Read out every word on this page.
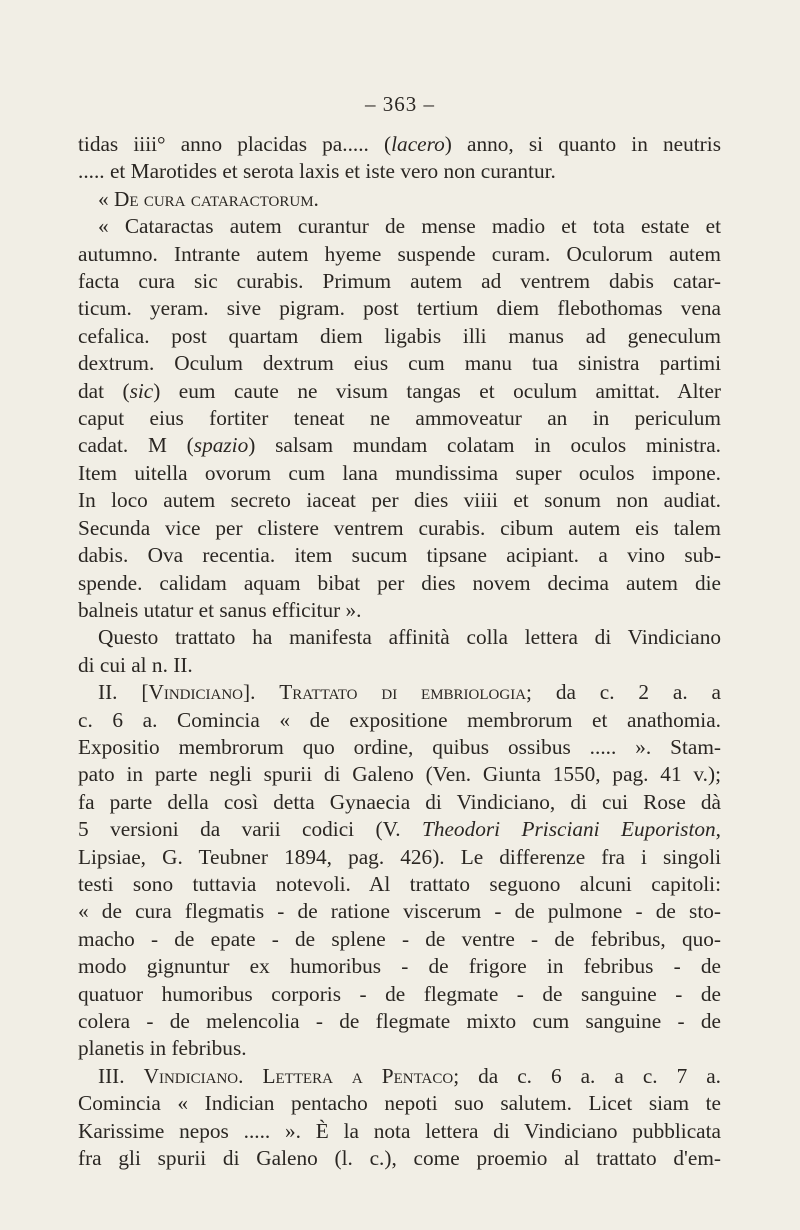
– 363 –
tidas iiii° anno placidas pa..... (lacero) anno, si quanto in neutris
..... et Marotides et serota laxis et iste vero non curantur.
« De cura cataractorum.
« Cataractas autem curantur de mense madio et tota estate et
autumno. Intrante autem hyeme suspende curam. Oculorum autem
facta cura sic curabis. Primum autem ad ventrem dabis catar-
ticum. yeram. sive pigram. post tertium diem flebothomas vena
cefalica. post quartam diem ligabis illi manus ad geneculum
dextrum. Oculum dextrum eius cum manu tua sinistra partimi
dat (sic) eum caute ne visum tangas et oculum amittat. Alter
caput eius fortiter teneat ne ammoveatur an in periculum
cadat. M (spazio) salsam mundam colatam in oculos ministra.
Item uitella ovorum cum lana mundissima super oculos impone.
In loco autem secreto iaceat per dies viiii et sonum non audiat.
Secunda vice per clistere ventrem curabis. cibum autem eis talem
dabis. Ova recentia. item sucum tipsane acipiant. a vino sub-
spende. calidam aquam bibat per dies novem decima autem die
balneis utatur et sanus efficitur ».
Questo trattato ha manifesta affinità colla lettera di Vindiciano
di cui al n. II.
II. [Vindiciano]. Trattato di embriologia; da c. 2 a. a
c. 6 a. Comincia « de expositione membrorum et anathomia.
Expositio membrorum quo ordine, quibus ossibus ..... ». Stam-
pato in parte negli spurii di Galeno (Ven. Giunta 1550, pag. 41 v.);
fa parte della così detta Gynaecia di Vindiciano, di cui Rose dà
5 versioni da varii codici (V. Theodori Prisciani Euporiston,
Lipsiae, G. Teubner 1894, pag. 426). Le differenze fra i singoli
testi sono tuttavia notevoli. Al trattato seguono alcuni capitoli:
« de cura flegmatis - de ratione viscerum - de pulmone - de sto-
macho - de epate - de splene - de ventre - de febribus, quo-
modo gignuntur ex humoribus - de frigore in febribus - de
quatuor humoribus corporis - de flegmate - de sanguine - de
colera - de melencolia - de flegmate mixto cum sanguine - de
planetis in febribus.
III. Vindiciano. Lettera a Pentaco; da c. 6 a. a c. 7 a.
Comincia « Indician pentacho nepoti suo salutem. Licet siam te
Karissime nepos ..... ». È la nota lettera di Vindiciano pubblicata
fra gli spurii di Galeno (l. c.), come proemio al trattato d'em-
